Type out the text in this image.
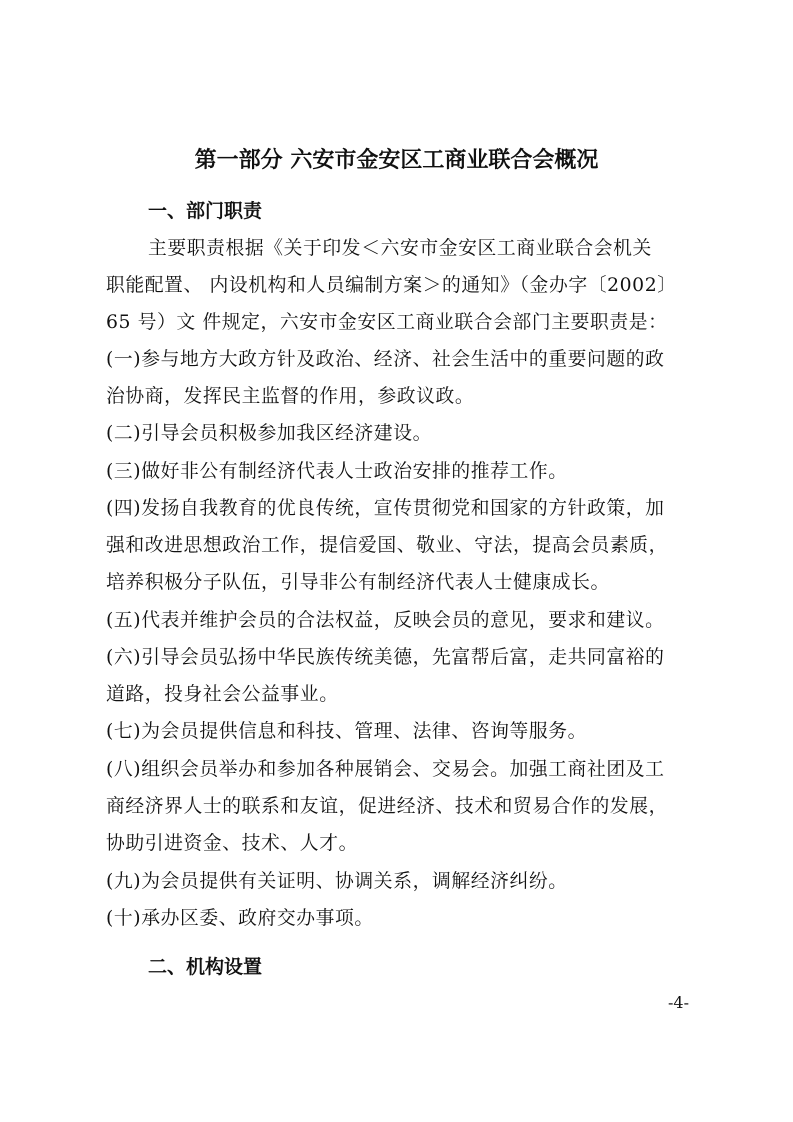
第一部分 六安市金安区工商业联合会概况
一、部门职责
主要职责根据《关于印发＜六安市金安区工商业联合会机关
职能配置、 内设机构和人员编制方案＞的通知》（金办字〔2002〕
65 号）文 件规定，六安市金安区工商业联合会部门主要职责是：
(一)参与地方大政方针及政治、经济、社会生活中的重要问题的政
治协商，发挥民主监督的作用，参政议政。
(二)引导会员积极参加我区经济建设。
(三)做好非公有制经济代表人士政治安排的推荐工作。
(四)发扬自我教育的优良传统，宣传贯彻党和国家的方针政策，加
强和改进思想政治工作，提信爱国、敬业、守法，提高会员素质，
培养积极分子队伍，引导非公有制经济代表人士健康成长。
(五)代表并维护会员的合法权益，反映会员的意见，要求和建议。
(六)引导会员弘扬中华民族传统美德，先富帮后富，走共同富裕的
道路，投身社会公益事业。
(七)为会员提供信息和科技、管理、法律、咨询等服务。
(八)组织会员举办和参加各种展销会、交易会。加强工商社团及工
商经济界人士的联系和友谊，促进经济、技术和贸易合作的发展，
协助引进资金、技术、人才。
(九)为会员提供有关证明、协调关系，调解经济纠纷。
(十)承办区委、政府交办事项。
二、机构设置
-4-
